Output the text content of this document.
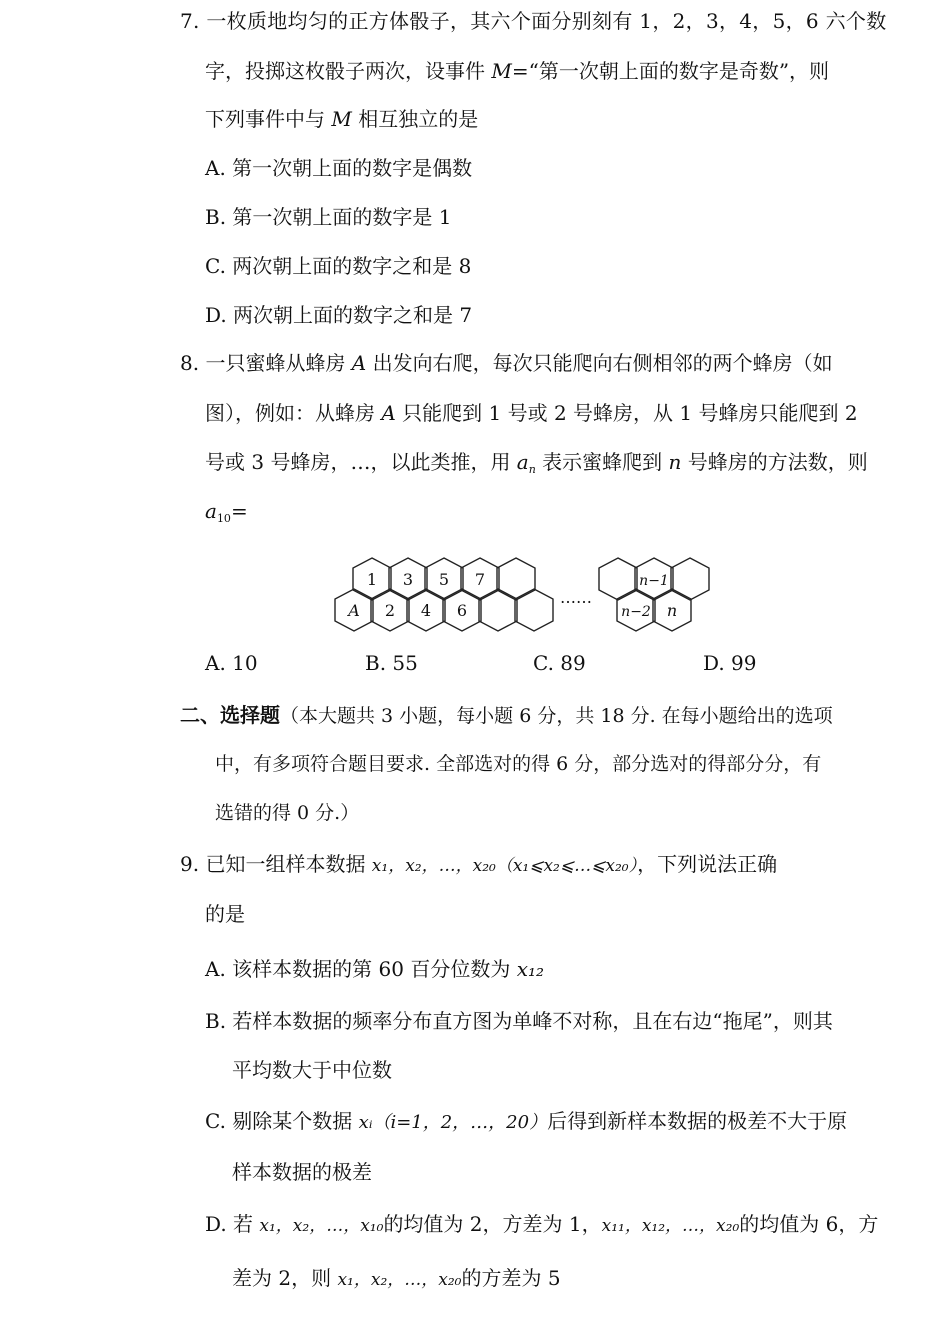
7. 一枚质地均匀的正方体骰子，其六个面分别刻有 1，2，3，4，5，6 六个数
字，投掷这枚骰子两次，设事件 M=“第一次朝上面的数字是奇数”，则
下列事件中与 M 相互独立的是
A. 第一次朝上面的数字是偶数
B. 第一次朝上面的数字是 1
C. 两次朝上面的数字之和是 8
D. 两次朝上面的数字之和是 7
8. 一只蜜蜂从蜂房 A 出发向右爬，每次只能爬向右侧相邻的两个蜂房（如
图），例如：从蜂房 A 只能爬到 1 号或 2 号蜂房，从 1 号蜂房只能爬到 2
号或 3 号蜂房，…，以此类推，用 $a_n$ 表示蜜蜂爬到 n 号蜂房的方法数，则
$a_{10}=$
1 3 5 7
A 2 4 6
……
n−1
n−2 n
A. 10	B. 55	C. 89	D. 99
二、选择题（本大题共 3 小题，每小题 6 分，共 18 分. 在每小题给出的选项
中，有多项符合题目要求. 全部选对的得 6 分，部分选对的得部分分，有
选错的得 0 分.）
9. 已知一组样本数据 x₁，x₂，…，x₂₀（x₁⩽x₂⩽…⩽x₂₀），下列说法正确
的是
A. 该样本数据的第 60 百分位数为 x₁₂
B. 若样本数据的频率分布直方图为单峰不对称，且在右边“拖尾”，则其
平均数大于中位数
C. 剔除某个数据 xᵢ（i=1，2，…，20）后得到新样本数据的极差不大于原
样本数据的极差
D. 若 x₁，x₂，…，x₁₀的均值为 2，方差为 1，x₁₁，x₁₂，…，x₂₀的均值为 6，方
差为 2，则 x₁，x₂，…，x₂₀的方差为 5
